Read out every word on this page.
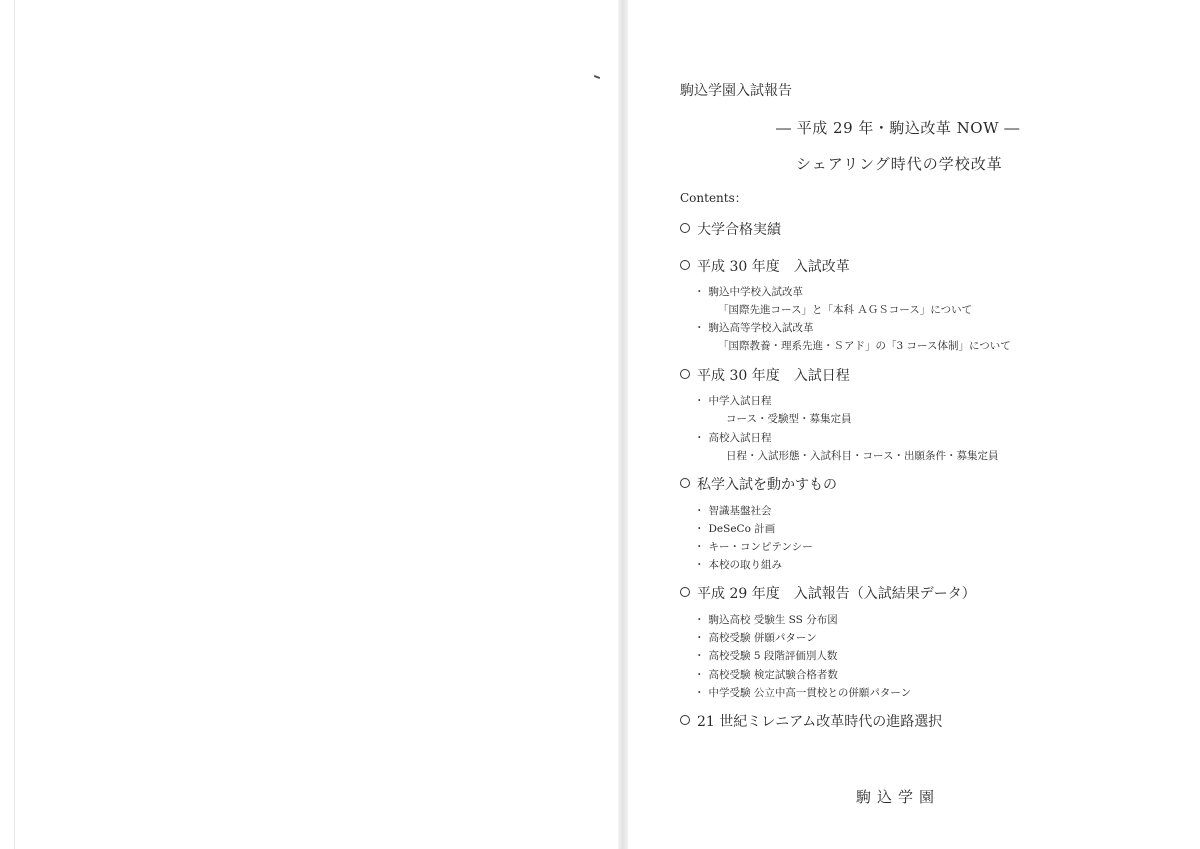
駒込学園入試報告
― 平成 29 年・駒込改革 NOW ―
シェアリング時代の学校改革
Contents：
大学合格実績
平成 30 年度　入試改革
・ 駒込中学校入試改革
「国際先進コース」と「本科 ＡＧＳコース」について
・ 駒込高等学校入試改革
「国際教養・理系先進・Ｓアド」の「3 コース体制」について
平成 30 年度　入試日程
・ 中学入試日程
コース・受験型・募集定員
・ 高校入試日程
日程・入試形態・入試科目・コース・出願条件・募集定員
私学入試を動かすもの
・ 智識基盤社会
・ DeSeCo 計画
・ キー・コンピテンシー
・ 本校の取り組み
平成 29 年度　入試報告（入試結果データ）
・ 駒込高校 受験生 SS 分布図
・ 高校受験 併願パターン
・ 高校受験 5 段階評価別人数
・ 高校受験 検定試験合格者数
・ 中学受験 公立中高一貫校との併願パターン
21 世紀ミレニアム改革時代の進路選択
駒込学園
